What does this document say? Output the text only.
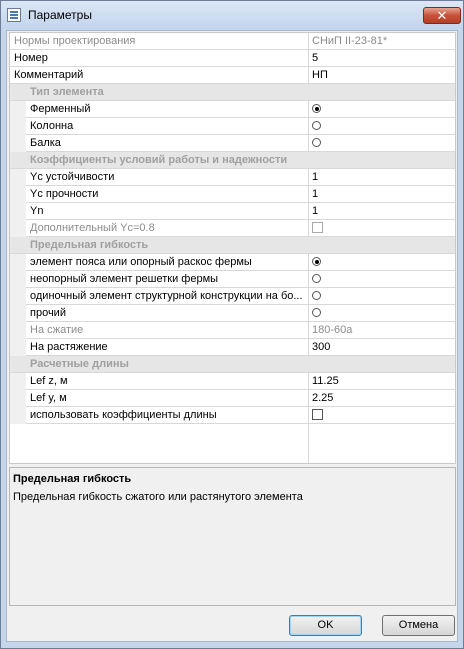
Параметры	✕
Нормы проектирования	СНиП II-23-81*
Номер	5
Комментарий	НП
Тип элемента
Ферменный
Колонна
Балка
Коэффициенты условий работы и надежности
Yc устойчивости	1
Yc прочности	1
Yn	1
Дополнительный Yc=0.8
Предельная гибкость
элемент пояса или опорный раскос фермы
неопорный элемент решетки фермы
одиночный элемент структурной конструкции на бо...
прочий
На сжатие	180-60a
На растяжение	300
Расчетные длины
Lef z, м	11.25
Lef y, м	2.25
использовать коэффициенты длины
Предельная гибкость
Предельная гибкость сжатого или растянутого элемента
OK	Отмена
